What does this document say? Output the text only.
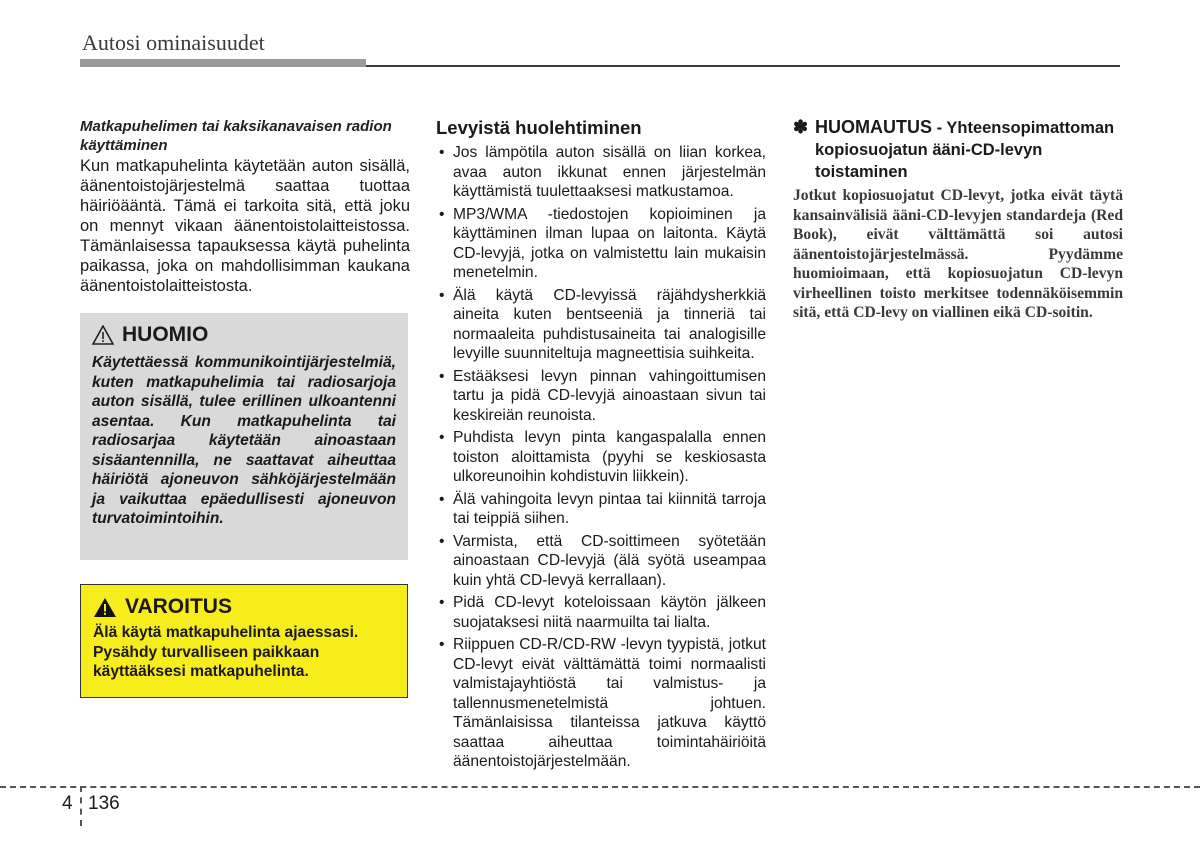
Autosi ominaisuudet
Matkapuhelimen tai kaksikanavaisen radion käyttäminen
Kun matkapuhelinta käytetään auton sisällä, äänentoistojärjestelmä saattaa tuottaa häiriöääntä. Tämä ei tarkoita sitä, että joku on mennyt vikaan äänentoistolaitteistossa. Tämänlaisessa tapauksessa käytä puhelinta paikassa, joka on mahdollisimman kaukana äänentoistolaitteistosta.
HUOMIO
Käytettäessä kommunikointijärjestelmiä, kuten matkapuhelimia tai radiosarjoja auton sisällä, tulee erillinen ulkoantenni asentaa. Kun matkapuhelinta tai radiosarjaa käytetään ainoastaan sisäantennilla, ne saattavat aiheuttaa häiriötä ajoneuvon sähköjärjestelmään ja vaikuttaa epäedullisesti ajoneuvon turvatoimintoihin.
VAROITUS
Älä käytä matkapuhelinta ajaessasi. Pysähdy turvalliseen paikkaan käyttääksesi matkapuhelinta.
Levyistä huolehtiminen
• Jos lämpötila auton sisällä on liian korkea, avaa auton ikkunat ennen järjestelmän käyttämistä tuulettaaksesi matkustamoa.
• MP3/WMA -tiedostojen kopioiminen ja käyttäminen ilman lupaa on laitonta. Käytä CD-levyjä, jotka on valmistettu lain mukaisin menetelmin.
• Älä käytä CD-levyissä räjähdysherkkiä aineita kuten bentseeniä ja tinneriä tai normaaleita puhdistusaineita tai analogisille levyille suunniteltuja magneettisia suihkeita.
• Estääksesi levyn pinnan vahingoittumisen tartu ja pidä CD-levyjä ainoastaan sivun tai keskireiän reunoista.
• Puhdista levyn pinta kangaspalalla ennen toiston aloittamista (pyyhi se keskiosasta ulkoreunoihin kohdistuvin liikkein).
• Älä vahingoita levyn pintaa tai kiinnitä tarroja tai teippiä siihen.
• Varmista, että CD-soittimeen syötetään ainoastaan CD-levyjä (älä syötä useampaa kuin yhtä CD-levyä kerrallaan).
• Pidä CD-levyt koteloissaan käytön jälkeen suojataksesi niitä naarmuilta tai lialta.
• Riippuen CD-R/CD-RW -levyn tyypistä, jotkut CD-levyt eivät välttämättä toimi normaalisti valmistajayhtiöstä tai valmistus- ja tallennusmenetelmistä johtuen. Tämänlaisissa tilanteissa jatkuva käyttö saattaa aiheuttaa toimintahäiriöitä äänentoistojärjestelmään.
✽ HUOMAUTUS - Yhteensopimattoman kopiosuojatun ääni-CD-levyn toistaminen
Jotkut kopiosuojatut CD-levyt, jotka eivät täytä kansainvälisiä ääni-CD-levyjen standardeja (Red Book), eivät välttämättä soi autosi äänentoistojärjestelmässä. Pyydämme huomioimaan, että kopiosuojatun CD-levyn virheellinen toisto merkitsee todennäköisemmin sitä, että CD-levy on viallinen eikä CD-soitin.
4 136
